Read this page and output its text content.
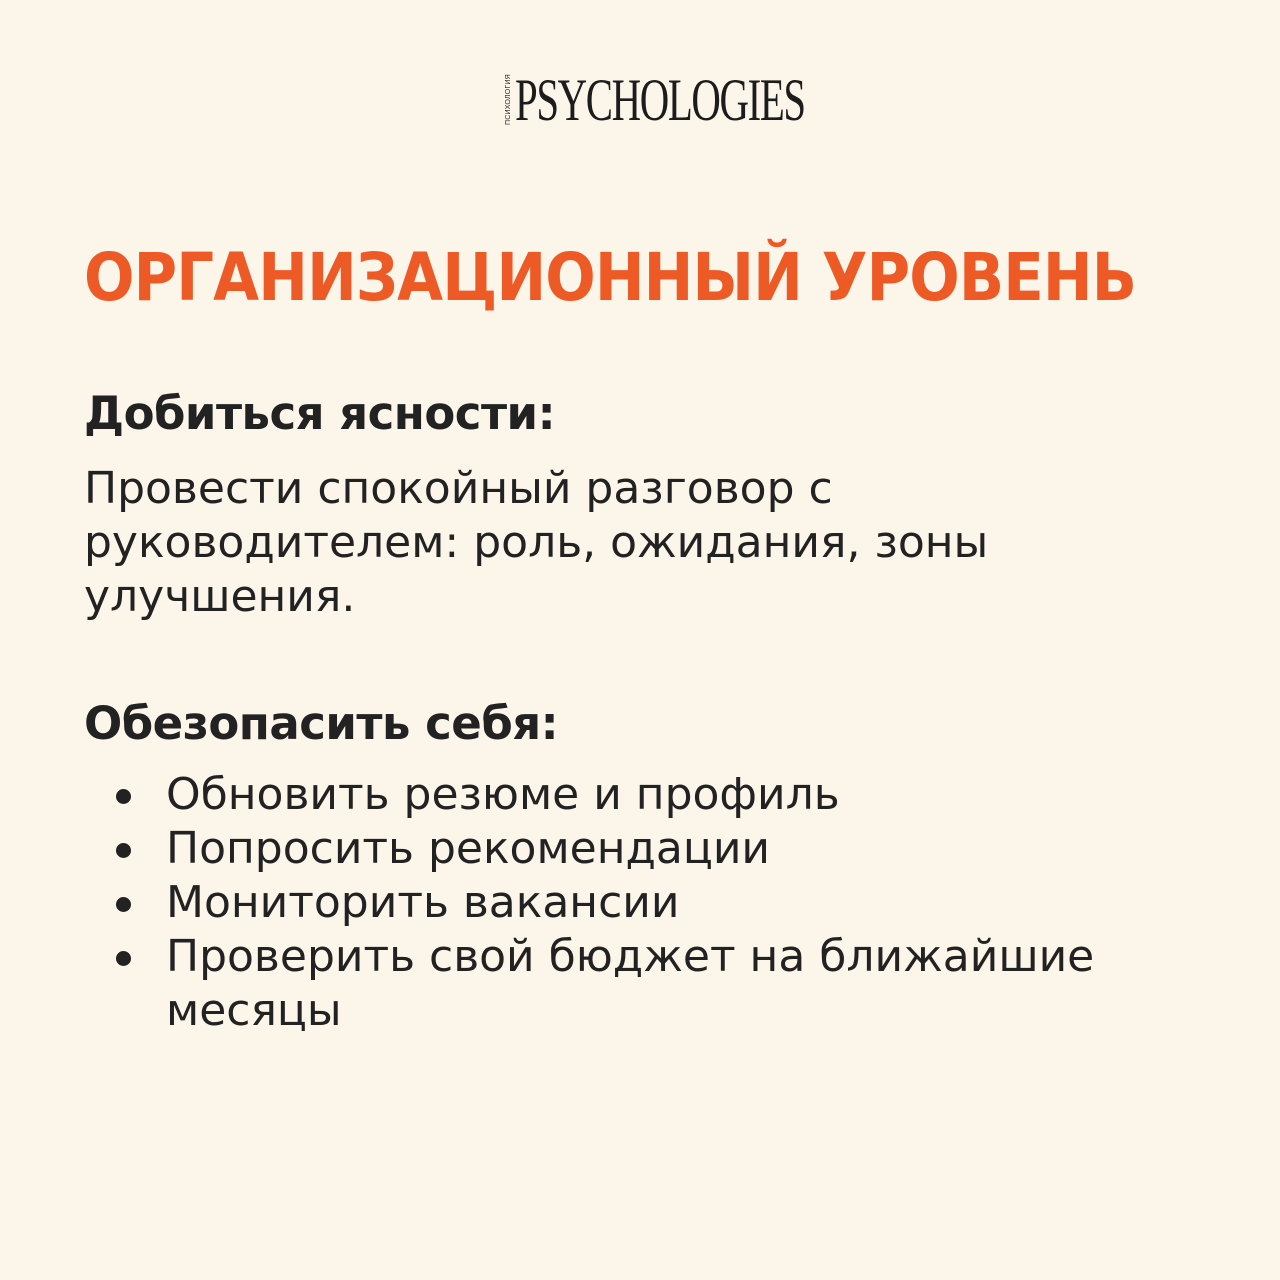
ПСИХОЛОГИЯ PSYCHOLOGIES
ОРГАНИЗАЦИОННЫЙ УРОВЕНЬ
Добиться ясности:

Провести спокойный разговор с руководителем: роль, ожидания, зоны улучшения.

Обезопасить себя:
Обновить резюме и профиль
Попросить рекомендации
Мониторить вакансии
Проверить свой бюджет на ближайшие месяцы
